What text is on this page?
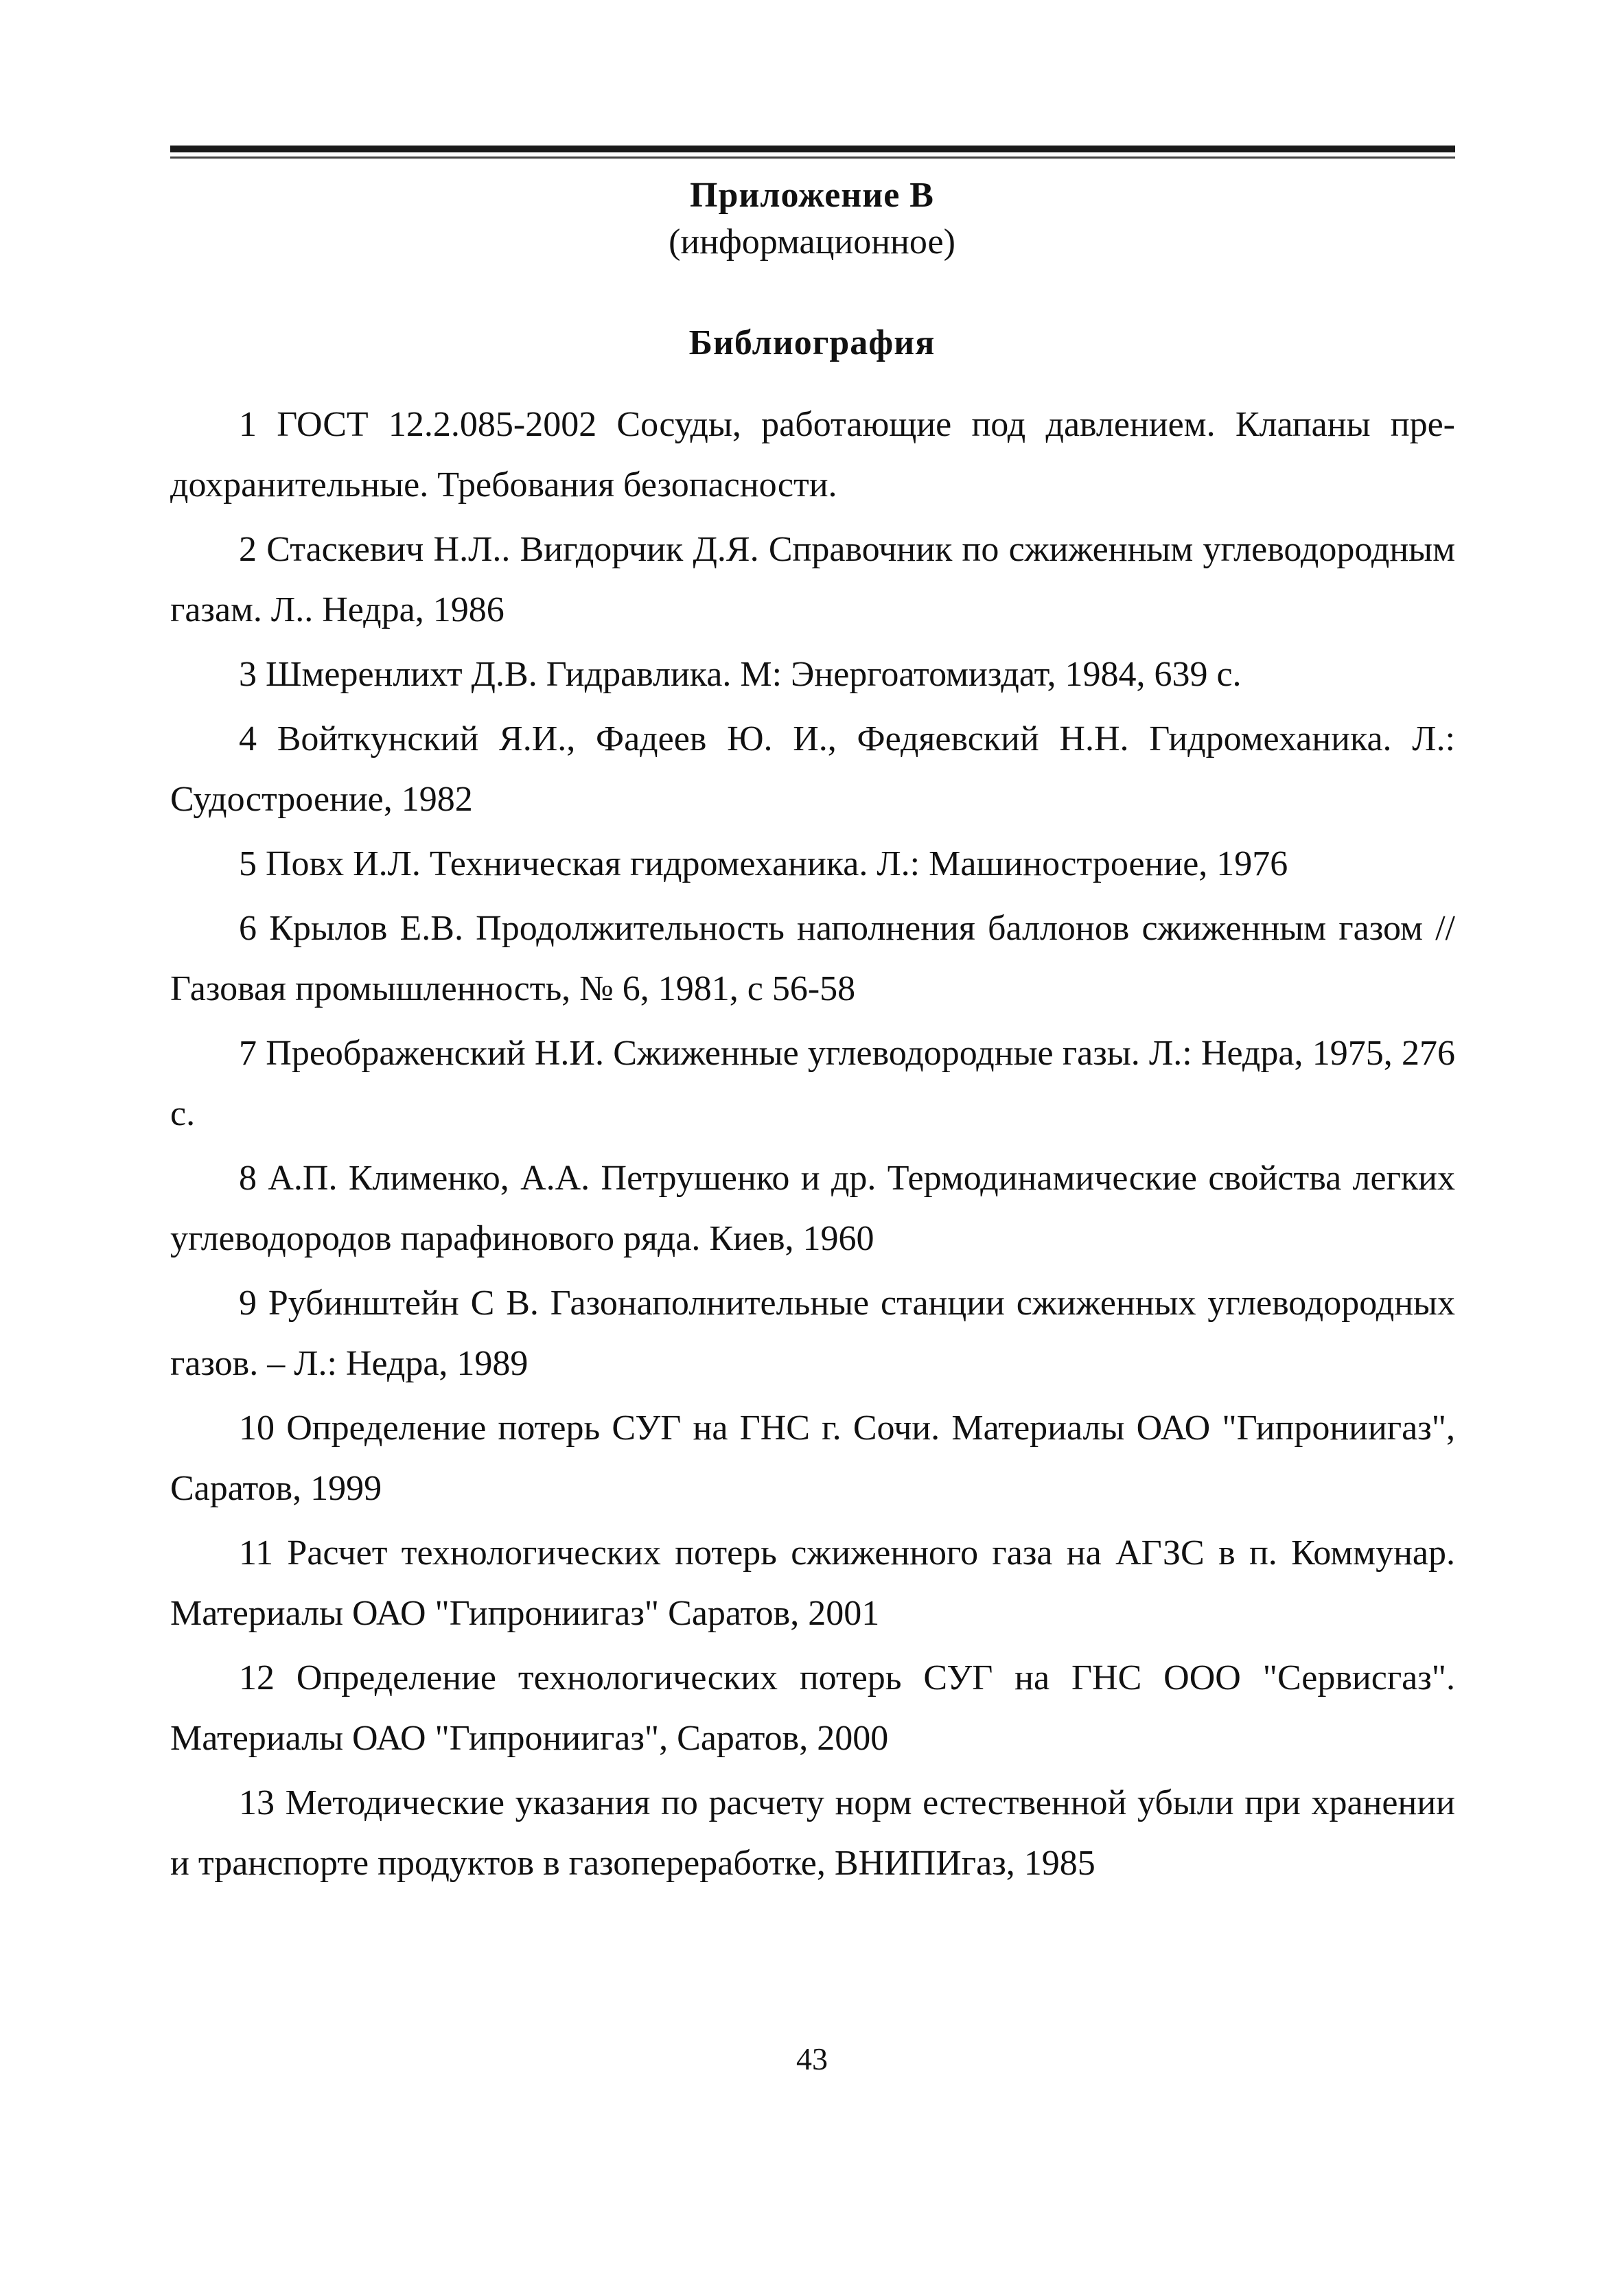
Приложение В
(информационное)
Библиография

1 ГОСТ 12.2.085-2002 Сосуды, работающие под давлением. Клапаны предохранительные. Требования безопасности.

2 Стаскевич Н.Л.. Вигдорчик Д.Я. Справочник по сжиженным углеводородным газам. Л.. Недра, 1986

3 Шмеренлихт Д.В. Гидравлика. М: Энергоатомиздат, 1984, 639 с.

4 Войткунский Я.И., Фадеев Ю. И., Федяевский Н.Н. Гидромеханика. Л.: Судостроение, 1982

5 Повх И.Л. Техническая гидромеханика. Л.: Машиностроение, 1976

6 Крылов Е.В. Продолжительность наполнения баллонов сжиженным газом //Газовая промышленность, № 6, 1981, с 56-58

7 Преображенский Н.И. Сжиженные углеводородные газы. Л.: Недра, 1975, 276 с.

8 А.П. Клименко, А.А. Петрушенко и др. Термодинамические свойства легких углеводородов парафинового ряда. Киев, 1960

9 Рубинштейн С В. Газонаполнительные станции сжиженных углеводородных газов. – Л.: Недра, 1989

10 Определение потерь СУГ на ГНС г. Сочи. Материалы ОАО "Гипрониигаз", Саратов, 1999

11 Расчет технологических потерь сжиженного газа на АГЗС в п. Коммунар. Материалы ОАО "Гипрониигаз" Саратов, 2001

12 Определение технологических потерь СУГ на ГНС ООО "Сервисгаз". Материалы ОАО "Гипрониигаз", Саратов, 2000

13 Методические указания по расчету норм естественной убыли при хранении и транспорте продуктов в газопереработке, ВНИПИгаз, 1985

43
